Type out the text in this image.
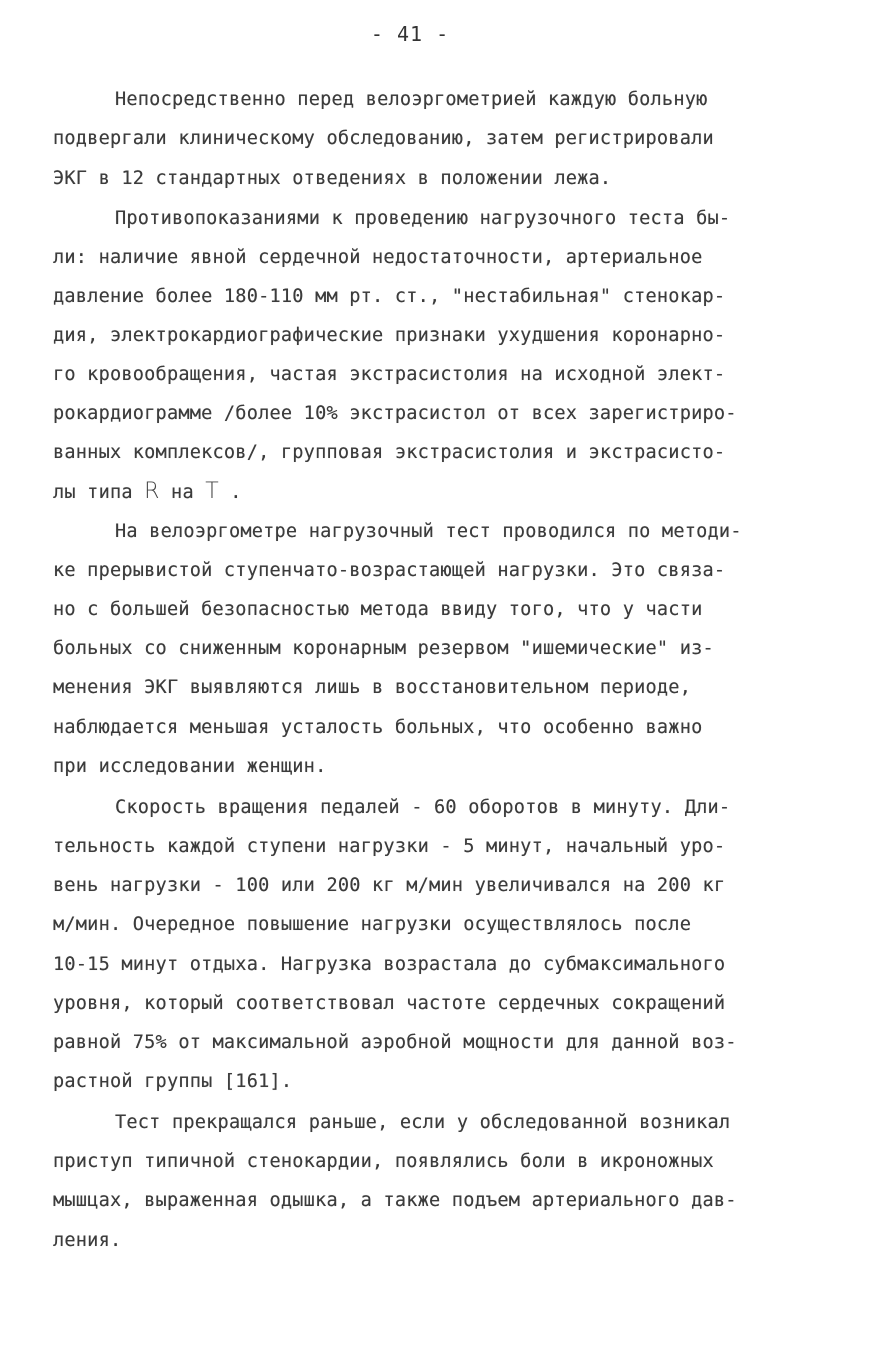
- 41 -
Непосредственно перед велоэргометрией каждую больную
подвергали клиническому обследованию, затем регистрировали
ЭКГ в 12 стандартных отведениях в положении лежа.
Противопоказаниями к проведению нагрузочного теста бы-
ли: наличие явной сердечной недостаточности, артериальное
давление более 180-110 мм рт. ст., "нестабильная" стенокар-
дия, электрокардиографические признаки ухудшения коронарно-
го кровообращения, частая экстрасистолия на исходной элект-
рокардиограмме /более 10% экстрасистол от всех зарегистриро-
ванных комплексов/, групповая экстрасистолия и экстрасисто-
лы типа R на T .
На велоэргометре нагрузочный тест проводился по методи-
ке прерывистой ступенчато-возрастающей нагрузки. Это связа-
но с большей безопасностью метода ввиду того, что у части
больных со сниженным коронарным резервом "ишемические" из-
менения ЭКГ выявляются лишь в восстановительном периоде,
наблюдается меньшая усталость больных, что особенно важно
при исследовании женщин.
Скорость вращения педалей - 60 оборотов в минуту. Дли-
тельность каждой ступени нагрузки - 5 минут, начальный уро-
вень нагрузки - 100 или 200 кг м/мин увеличивался на 200 кг
м/мин. Очередное повышение нагрузки осуществлялось после
10-15 минут отдыха. Нагрузка возрастала до субмаксимального
уровня, который соответствовал частоте сердечных сокращений
равной 75% от максимальной аэробной мощности для данной воз-
растной группы [161].
Тест прекращался раньше, если у обследованной возникал
приступ типичной стенокардии, появлялись боли в икроножных
мышцах, выраженная одышка, а также подъем артериального дав-
ления.
